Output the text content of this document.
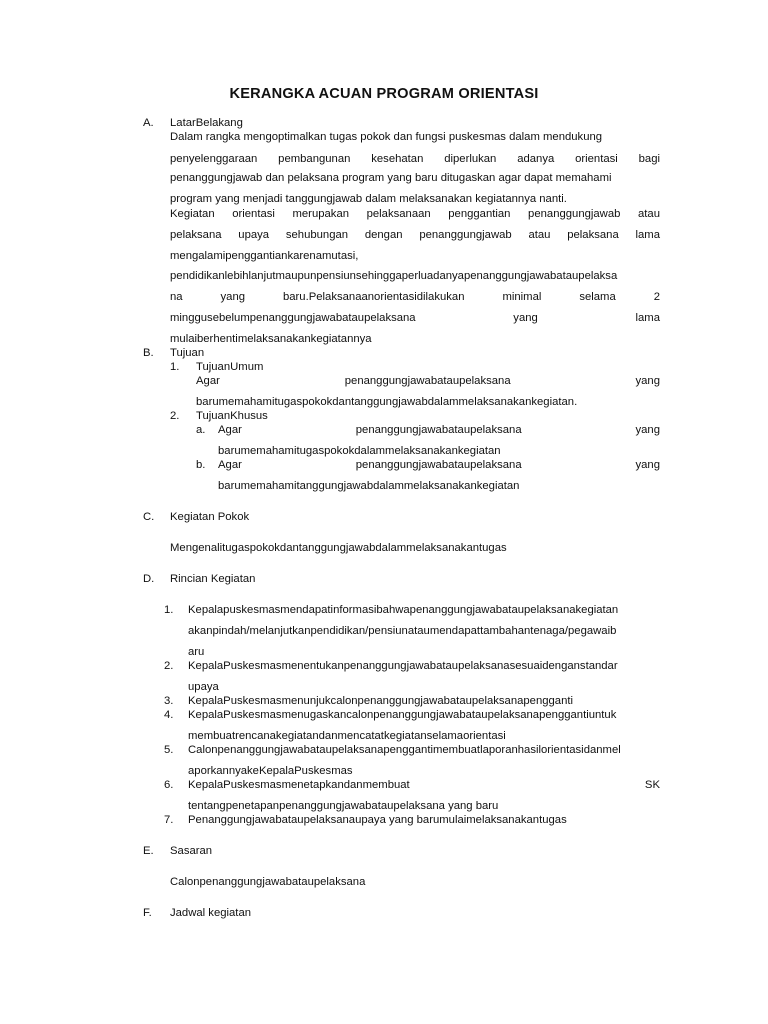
KERANGKA ACUAN PROGRAM ORIENTASI
A. LatarBelakang
Dalam rangka mengoptimalkan tugas pokok dan fungsi puskesmas dalam mendukung
penyelenggaraan pembangunan kesehatan diperlukan adanya orientasi bagi
penanggungjawab dan pelaksana program yang baru ditugaskan agar dapat memahami
program yang menjadi tanggungjawab dalam melaksanakan kegiatannya nanti.
Kegiatan orientasi merupakan pelaksanaan penggantian penanggungjawab atau
pelaksana upaya sehubungan dengan penanggungjawab atau pelaksana lama
mengalamipenggantiankarenamutasi,
pendidikanlebihlanjutmaupunpensiunsehinggaperluadanyapenanggungjawabataupelaksa
na	yang	baru.Pelaksanaanorientasidilakukan	minimal	selama	2
minggusebelumpenanggungjawabataupelaksana	yang	lama
mulaiberhentimelaksanakankegiatannya
B. Tujuan
1. TujuanUmum
Agar	penanggungjawabataupelaksana	yang
barumemahamitugaspokokdantanggungjawabdalammelaksanakankegiatan.
2. TujuanKhusus
a. Agar	penanggungjawabataupelaksana	yang
barumemahamitugaspokokdalammelaksanakankegiatan
b. Agar	penanggungjawabataupelaksana	yang
barumemahamitanggungjawabdalammelaksanakankegiatan
C. Kegiatan Pokok
Mengenalitugaspokokdantanggungjawabdalammelaksanakantugas
D. Rincian Kegiatan
1. Kepalapuskesmasmendapatinformasibahwapenanggungjawabataupelaksanakegiatan
akanpindah/melanjutkanpendidikan/pensiunataumendapattambahantenaga/pegawaib
aru
2. KepalaPuskesmasmenentukanpenanggungjawabataupelaksanasesuaidenganstandar
upaya
3. KepalaPuskesmasmenunjukcalonpenanggungjawabataupelaksanapengganti
4. KepalaPuskesmasmenugaskancalonpenanggungjawabataupelaksanapenggantiuntuk
membuatrencanakegiatandanmencatatkegiatanselamaorientasi
5. Calonpenanggungjawabataupelaksanapenggantimembuatlaporanhasilorientasidanmel
aporkannyakeKepalaPuskesmas
6. KepalaPuskesmasmenetapkandanmembuat	SK
tentangpenetapanpenanggungjawabataupelaksana yang baru
7. Penanggungjawabataupelaksanaupaya yang barumulaimelaksanakantugas
E. Sasaran
Calonpenanggungjawabataupelaksana
F. Jadwal kegiatan
